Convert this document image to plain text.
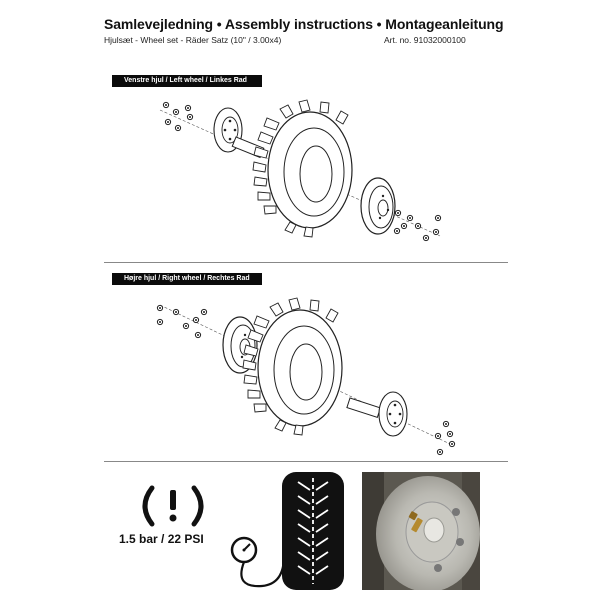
Samlevejledning • Assembly instructions • Montageanleitung
Hjulsæt - Wheel set - Räder Satz (10" / 3.00x4)	Art. no. 91032000100
Venstre hjul / Left wheel / Linkes Rad
Højre hjul / Right wheel / Rechtes Rad
1.5 bar / 22 PSI
